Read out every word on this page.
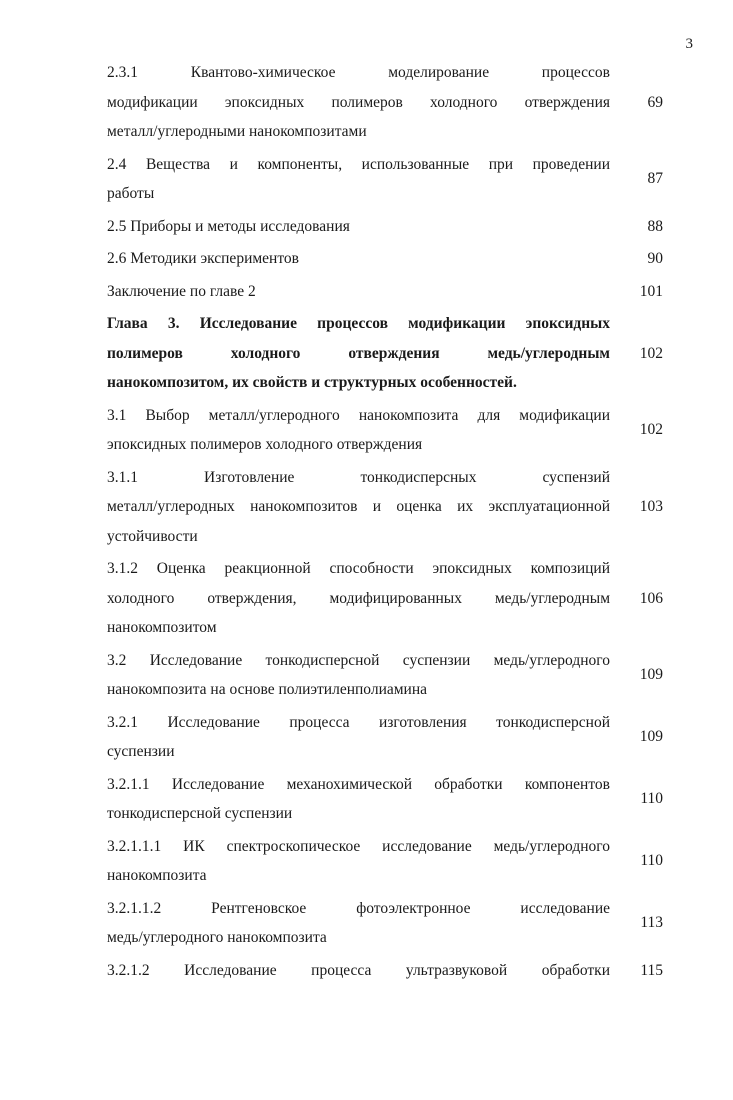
3
2.3.1 Квантово-химическое моделирование процессов
модификации эпоксидных полимеров холодного отверждения
металл/углеродными нанокомпозитами
69
2.4 Вещества и компоненты, использованные при проведении
работы
87
2.5 Приборы и методы исследования	88
2.6 Методики экспериментов	90
Заключение по главе 2	101
Глава 3. Исследование процессов модификации эпоксидных
полимеров холодного отверждения медь/углеродным
нанокомпозитом, их свойств и структурных особенностей.
102
3.1 Выбор металл/углеродного нанокомпозита для модификации
эпоксидных полимеров холодного отверждения
102
3.1.1 Изготовление тонкодисперсных суспензий
металл/углеродных нанокомпозитов и оценка их эксплуатационной
устойчивости
103
3.1.2 Оценка реакционной способности эпоксидных композиций
холодного отверждения, модифицированных медь/углеродным
нанокомпозитом
106
3.2 Исследование тонкодисперсной суспензии медь/углеродного
нанокомпозита на основе полиэтиленполиамина
109
3.2.1 Исследование процесса изготовления тонкодисперсной
суспензии
109
3.2.1.1 Исследование механохимической обработки компонентов
тонкодисперсной суспензии
110
3.2.1.1.1 ИК спектроскопическое исследование медь/углеродного
нанокомпозита
110
3.2.1.1.2 Рентгеновское фотоэлектронное исследование
медь/углеродного нанокомпозита
113
3.2.1.2 Исследование процесса ультразвуковой обработки	115
